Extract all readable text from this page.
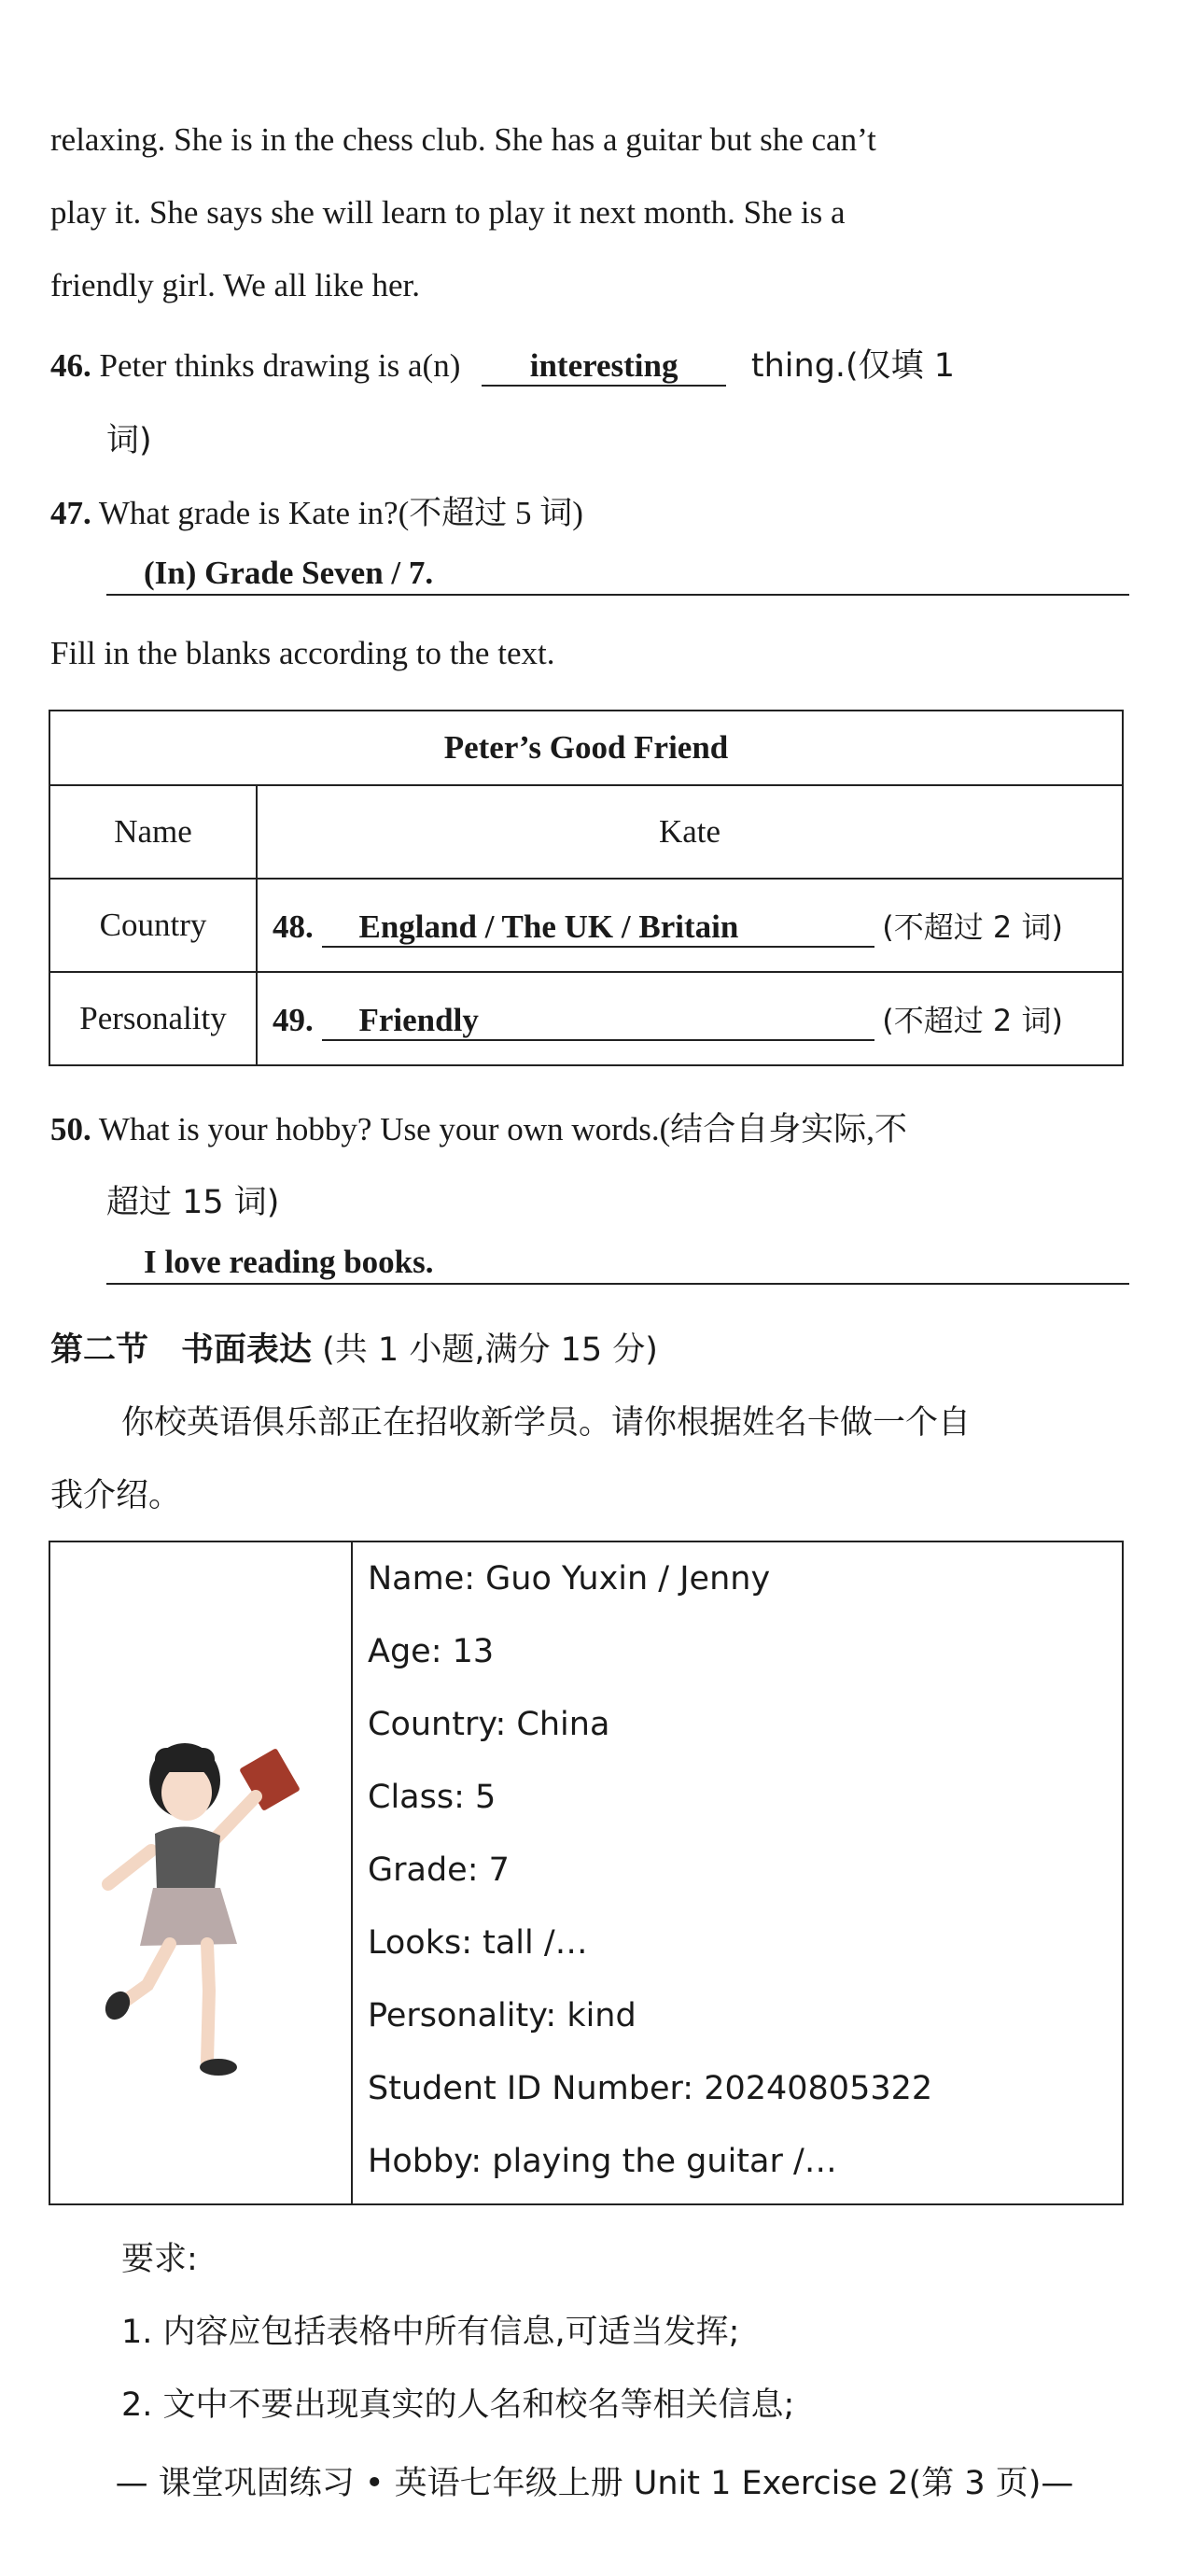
relaxing. She is in the chess club. She has a guitar but she can’t
play it. She says she will learn to play it next month. She is a
friendly girl. We all like her.
46. Peter thinks drawing is a(n) interesting thing.(仅填 1
词)
47. What grade is Kate in?(不超过 5 词)
(In) Grade Seven / 7.
Fill in the blanks according to the text.
Peter’s Good Friend	
Name	Kate
Country	48. England / The UK / Britain (不超过 2 词)
Personality	49. Friendly (不超过 2 词)
50. What is your hobby? Use your own words.(结合自身实际,不
超过 15 词)
I love reading books.
第二节　书面表达 (共 1 小题,满分 15 分)
你校英语俱乐部正在招收新学员。请你根据姓名卡做一个自
我介绍。
Name: Guo Yuxin / Jenny
Age: 13
Country: China
Class: 5
Grade: 7
Looks: tall /…
Personality: kind
Student ID Number: 20240805322
Hobby: playing the guitar /…
要求:
1. 内容应包括表格中所有信息,可适当发挥;
2. 文中不要出现真实的人名和校名等相关信息;
— 课堂巩固练习 • 英语七年级上册 Unit 1 Exercise 2(第 3 页)—
